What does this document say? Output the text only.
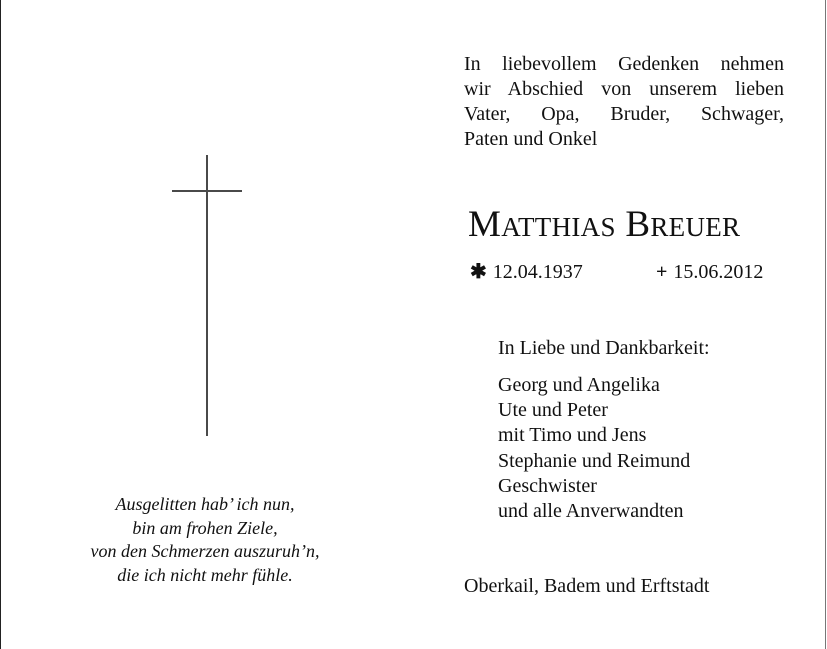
Ausgelitten hab’ ich nun,
bin am frohen Ziele,
von den Schmerzen auszuruh’n,
die ich nicht mehr fühle.
In liebevollem Gedenken nehmen
wir Abschied von unserem lieben
Vater, Opa, Bruder, Schwager,
Paten und Onkel
MATTHIAS BREUER
✱ 12.04.1937	+ 15.06.2012
In Liebe und Dankbarkeit:
Georg und Angelika
Ute und Peter
mit Timo und Jens
Stephanie und Reimund
Geschwister
und alle Anverwandten
Oberkail, Badem und Erftstadt
